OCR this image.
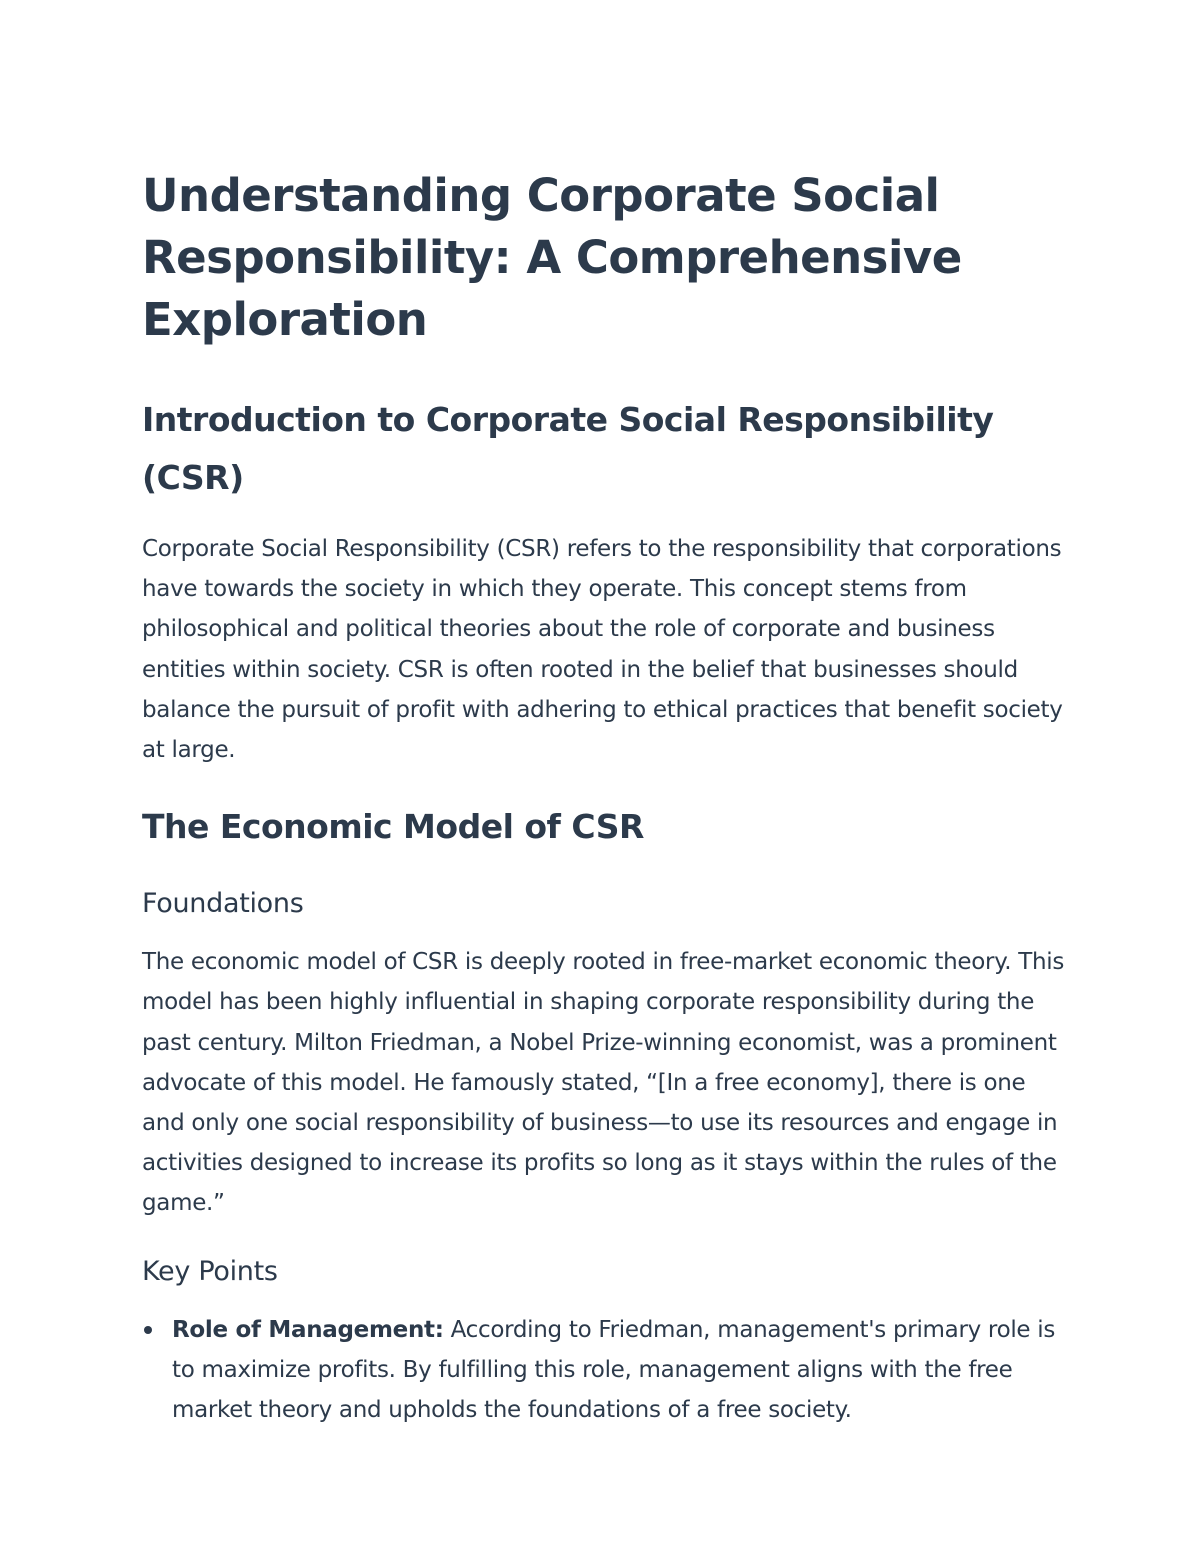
Understanding Corporate Social Responsibility: A Comprehensive Exploration
Introduction to Corporate Social Responsibility (CSR)

Corporate Social Responsibility (CSR) refers to the responsibility that corporations have towards the society in which they operate. This concept stems from philosophical and political theories about the role of corporate and business entities within society. CSR is often rooted in the belief that businesses should balance the pursuit of profit with adhering to ethical practices that benefit society at large.

The Economic Model of CSR
Foundations

The economic model of CSR is deeply rooted in free-market economic theory. This model has been highly influential in shaping corporate responsibility during the past century. Milton Friedman, a Nobel Prize-winning economist, was a prominent advocate of this model. He famously stated, “[In a free economy], there is one and only one social responsibility of business—to use its resources and engage in activities designed to increase its profits so long as it stays within the rules of the game.”

Key Points
Role of Management: According to Friedman, management's primary role is to maximize profits. By fulfilling this role, management aligns with the free market theory and upholds the foundations of a free society.
